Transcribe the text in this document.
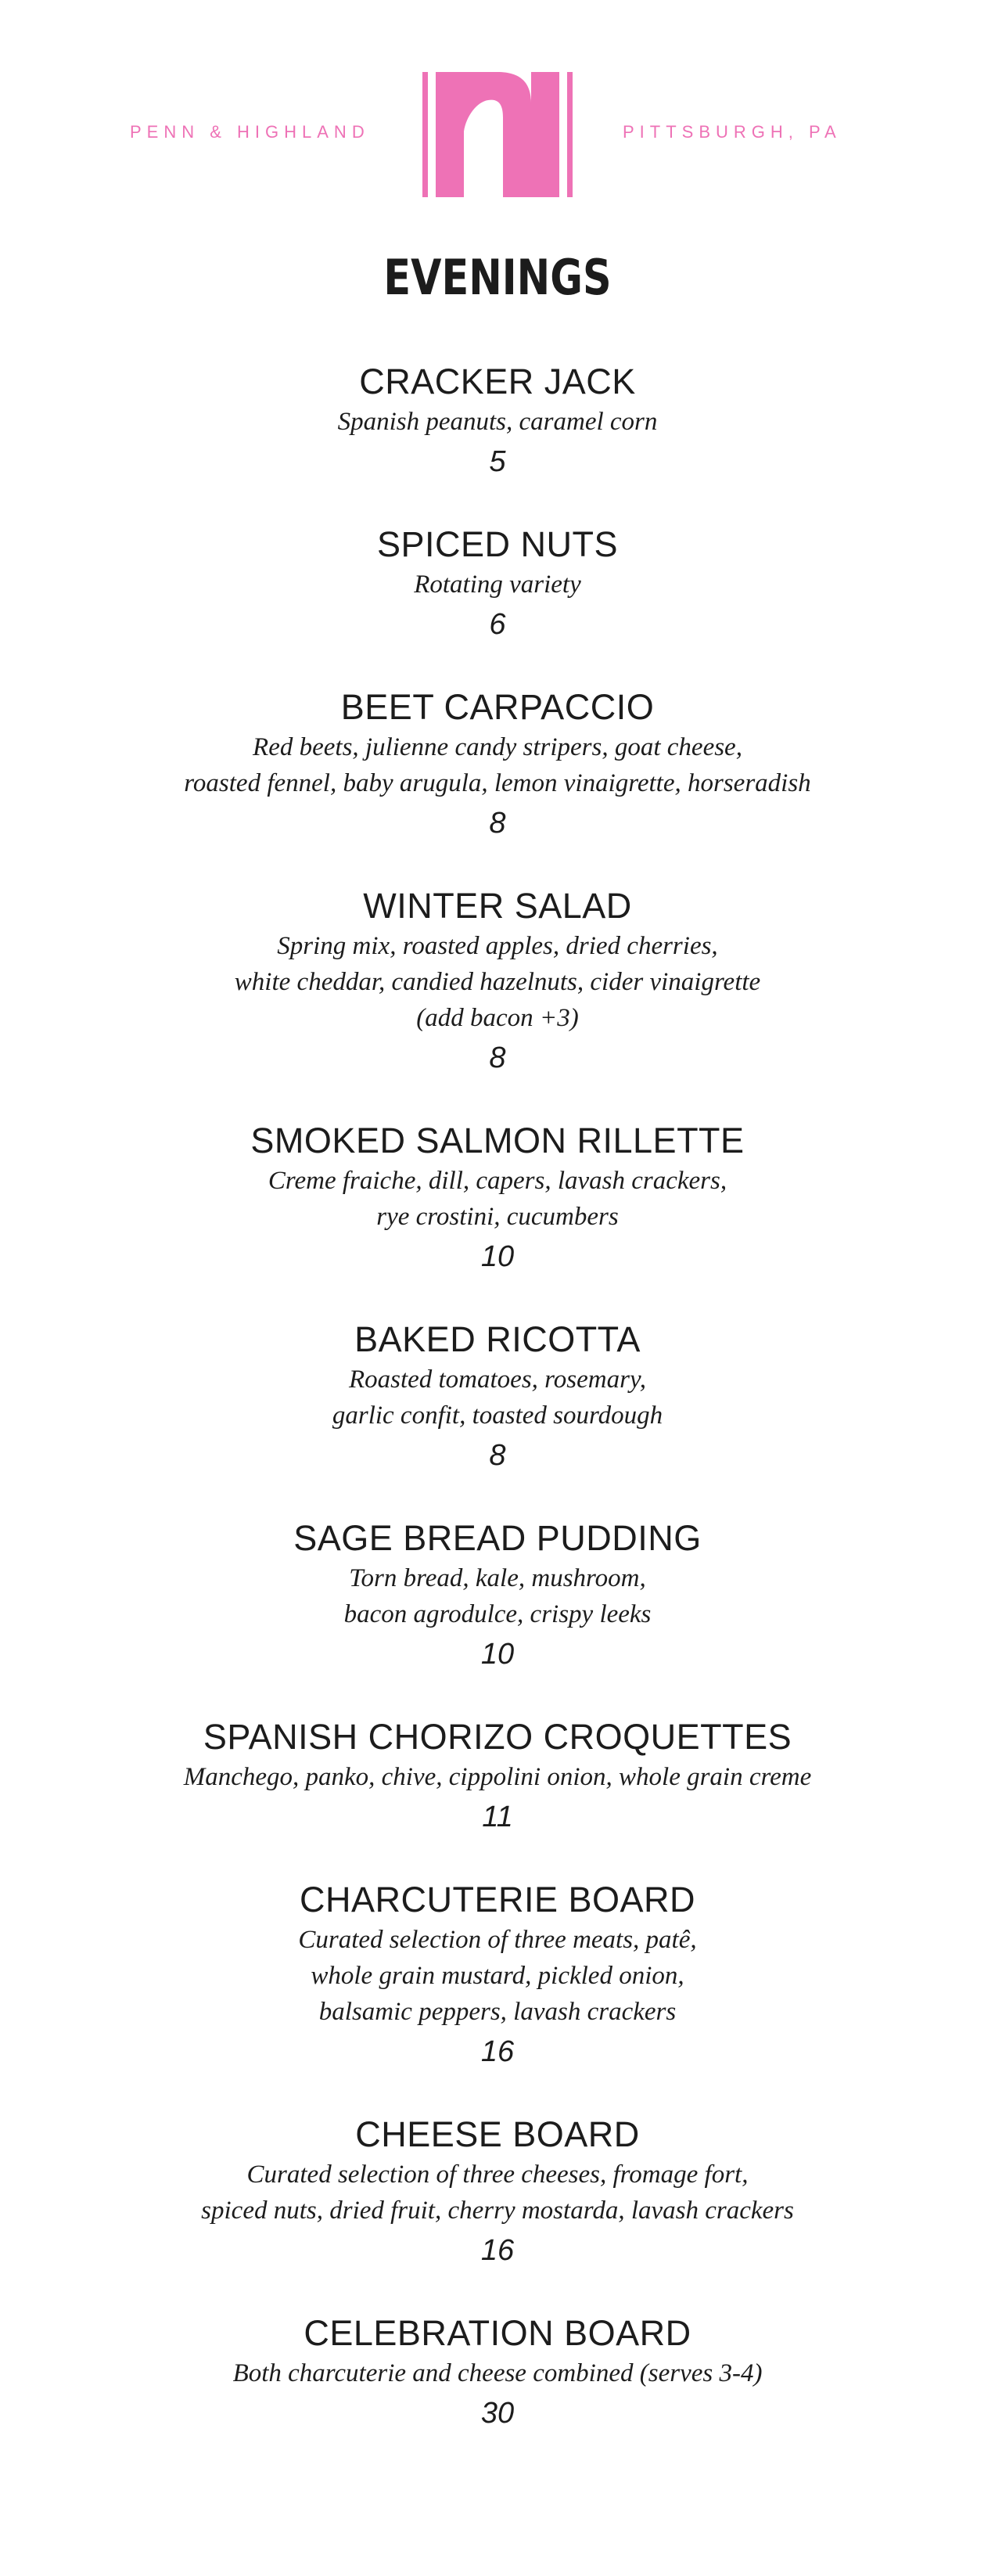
PENN & HIGHLAND	PITTSBURGH, PA
EVENINGS
CRACKER JACK
Spanish peanuts, caramel corn
5
SPICED NUTS
Rotating variety
6
BEET CARPACCIO
Red beets, julienne candy stripers, goat cheese,
roasted fennel, baby arugula, lemon vinaigrette, horseradish
8
WINTER SALAD
Spring mix, roasted apples, dried cherries,
white cheddar, candied hazelnuts, cider vinaigrette
(add bacon +3)
8
SMOKED SALMON RILLETTE
Creme fraiche, dill, capers, lavash crackers,
rye crostini, cucumbers
10
BAKED RICOTTA
Roasted tomatoes, rosemary,
garlic confit, toasted sourdough
8
SAGE BREAD PUDDING
Torn bread, kale, mushroom,
bacon agrodulce, crispy leeks
10
SPANISH CHORIZO CROQUETTES
Manchego, panko, chive, cippolini onion, whole grain creme
11
CHARCUTERIE BOARD
Curated selection of three meats, patê,
whole grain mustard, pickled onion,
balsamic peppers, lavash crackers
16
CHEESE BOARD
Curated selection of three cheeses, fromage fort,
spiced nuts, dried fruit, cherry mostarda, lavash crackers
16
CELEBRATION BOARD
Both charcuterie and cheese combined (serves 3-4)
30
